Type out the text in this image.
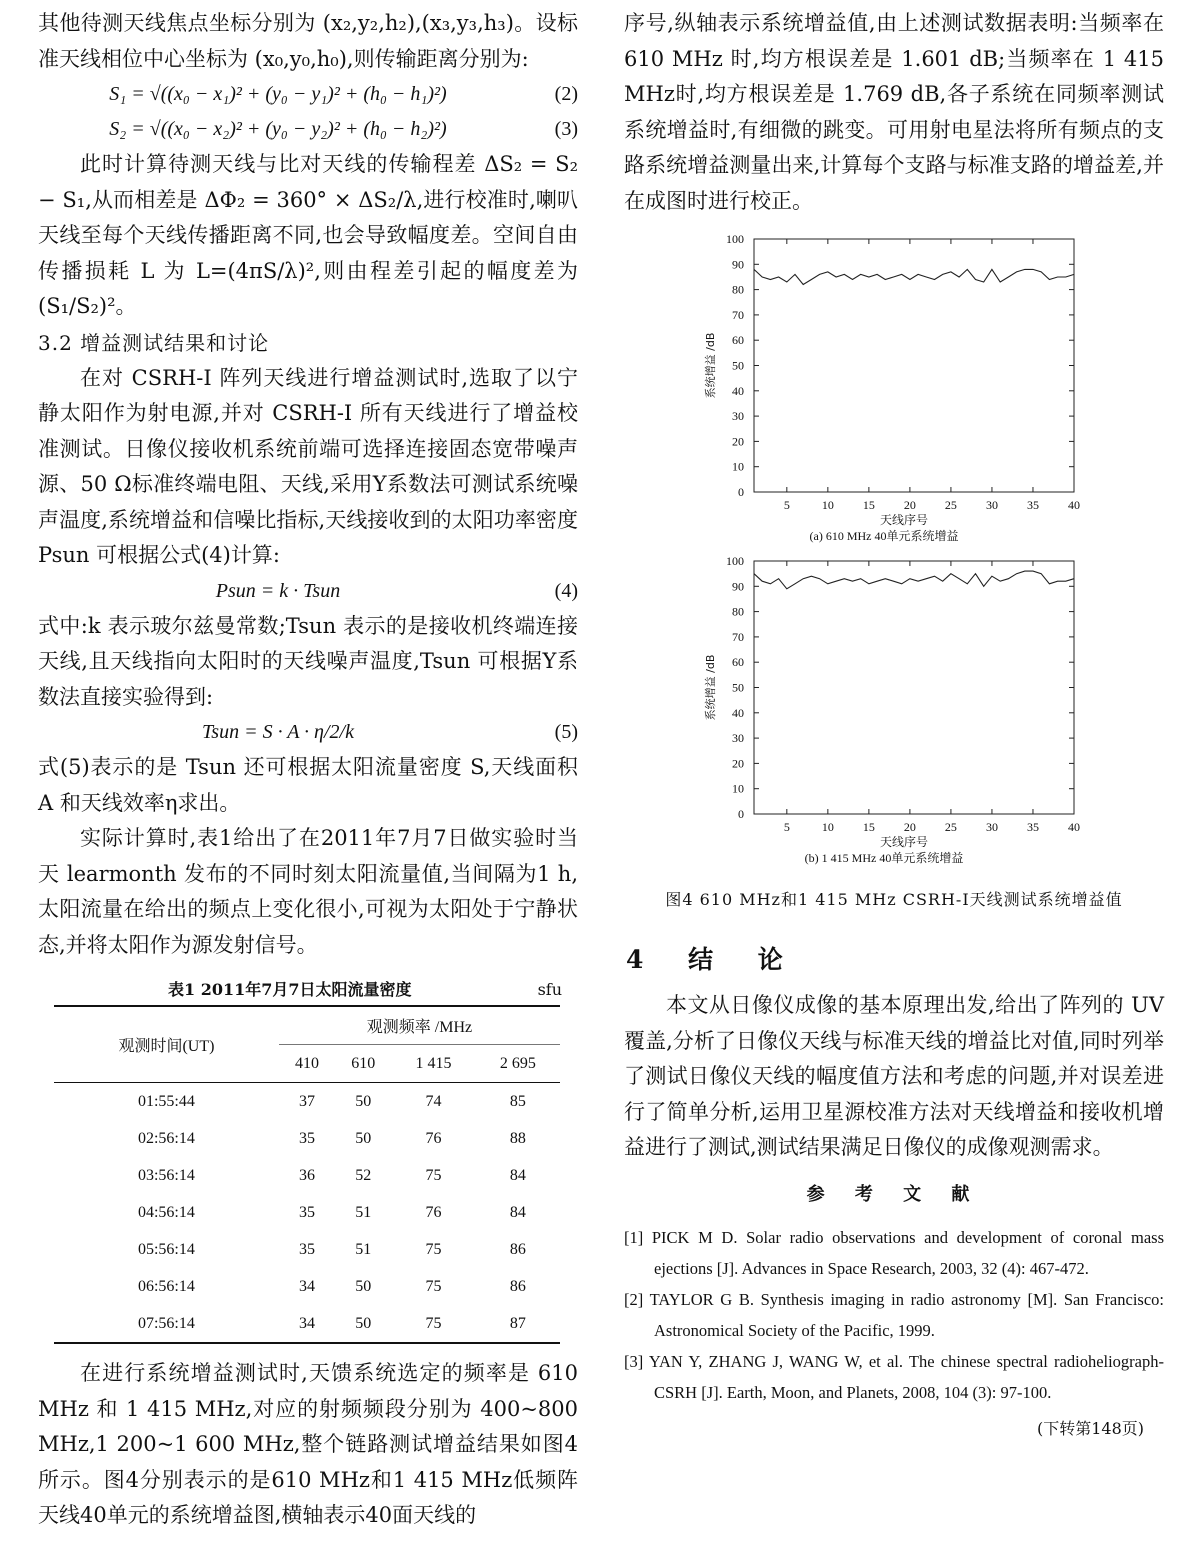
其他待测天线焦点坐标分别为 (x₂,y₂,h₂),(x₃,y₃,h₃)。设标准天线相位中心坐标为 (x₀,y₀,h₀),则传输距离分别为:

S₁ = √((x₀ − x₁)² + (y₀ − y₁)² + (h₀ − h₁)²)	(2)
S₂ = √((x₀ − x₂)² + (y₀ − y₂)² + (h₀ − h₂)²)	(3)

此时计算待测天线与比对天线的传输程差 ΔS₂ = S₂ − S₁,从而相差是 ΔΦ₂ = 360° × ΔS₂/λ,进行校准时,喇叭天线至每个天线传播距离不同,也会导致幅度差。空间自由传播损耗 L 为 L=(4πS/λ)²,则由程差引起的幅度差为 (S₁/S₂)²。

3.2 增益测试结果和讨论

在对 CSRH-I 阵列天线进行增益测试时,选取了以宁静太阳作为射电源,并对 CSRH-I 所有天线进行了增益校准测试。日像仪接收机系统前端可选择连接固态宽带噪声源、50 Ω标准终端电阻、天线,采用Y系数法可测试系统噪声温度,系统增益和信噪比指标,天线接收到的太阳功率密度 Psun 可根据公式(4)计算:

Psun = k · Tsun	(4)

式中:k 表示玻尔兹曼常数;Tsun 表示的是接收机终端连接天线,且天线指向太阳时的天线噪声温度,Tsun 可根据Y系数法直接实验得到:

Tsun = S · A · η/2/k	(5)

式(5)表示的是 Tsun 还可根据太阳流量密度 S,天线面积 A 和天线效率η求出。

实际计算时,表1给出了在2011年7月7日做实验时当天 learmonth 发布的不同时刻太阳流量值,当间隔为1 h,太阳流量在给出的频点上变化很小,可视为太阳处于宁静状态,并将太阳作为源发射信号。

表1 2011年7月7日太阳流量密度	sfu
观测时间(UT)	观测频率 /MHz			
	410	610	1 415	2 695
01:55:44	37	50	74	85
02:56:14	35	50	76	88
03:56:14	36	52	75	84
04:56:14	35	51	76	84
05:56:14	35	51	75	86
06:56:14	34	50	75	86
07:56:14	34	50	75	87

在进行系统增益测试时,天馈系统选定的频率是 610 MHz 和 1 415 MHz,对应的射频频段分别为 400~800 MHz,1 200~1 600 MHz,整个链路测试增益结果如图4所示。图4分别表示的是610 MHz和1 415 MHz低频阵天线40单元的系统增益图,横轴表示40面天线的

序号,纵轴表示系统增益值,由上述测试数据表明:当频率在 610 MHz 时,均方根误差是 1.601 dB;当频率在 1 415 MHz时,均方根误差是 1.769 dB,各子系统在同频率测试系统增益时,有细微的跳变。可用射电星法将所有频点的支路系统增益测量出来,计算每个支路与标准支路的增益差,并在成图时进行校正。

0
10
20
30
40
50
60
70
80
90
100
5	10 15 20 25 30 35 40
天线序号
系统增益 /dB
(a) 610 MHz 40单元系统增益

0
10
20
30
40
50
60
70
80
90
100
5	10 15 20 25 30 35 40
天线序号
系统增益 /dB
(b) 1 415 MHz 40单元系统增益
图4 610 MHz和1 415 MHz CSRH-I天线测试系统增益值
4 结 论

本文从日像仪成像的基本原理出发,给出了阵列的 UV 覆盖,分析了日像仪天线与标准天线的增益比对值,同时列举了测试日像仪天线的幅度值方法和考虑的问题,并对误差进行了简单分析,运用卫星源校准方法对天线增益和接收机增益进行了测试,测试结果满足日像仪的成像观测需求。

参 考 文 献

[1] PICK M D. Solar radio observations and development of coronal mass ejections [J]. Advances in Space Research, 2003, 32 (4): 467-472.

[2] TAYLOR G B. Synthesis imaging in radio astronomy [M]. San Francisco: Astronomical Society of the Pacific, 1999.

[3] YAN Y, ZHANG J, WANG W, et al. The chinese spectral radioheliograph-CSRH [J]. Earth, Moon, and Planets, 2008, 104 (3): 97-100.

(下转第148页)
